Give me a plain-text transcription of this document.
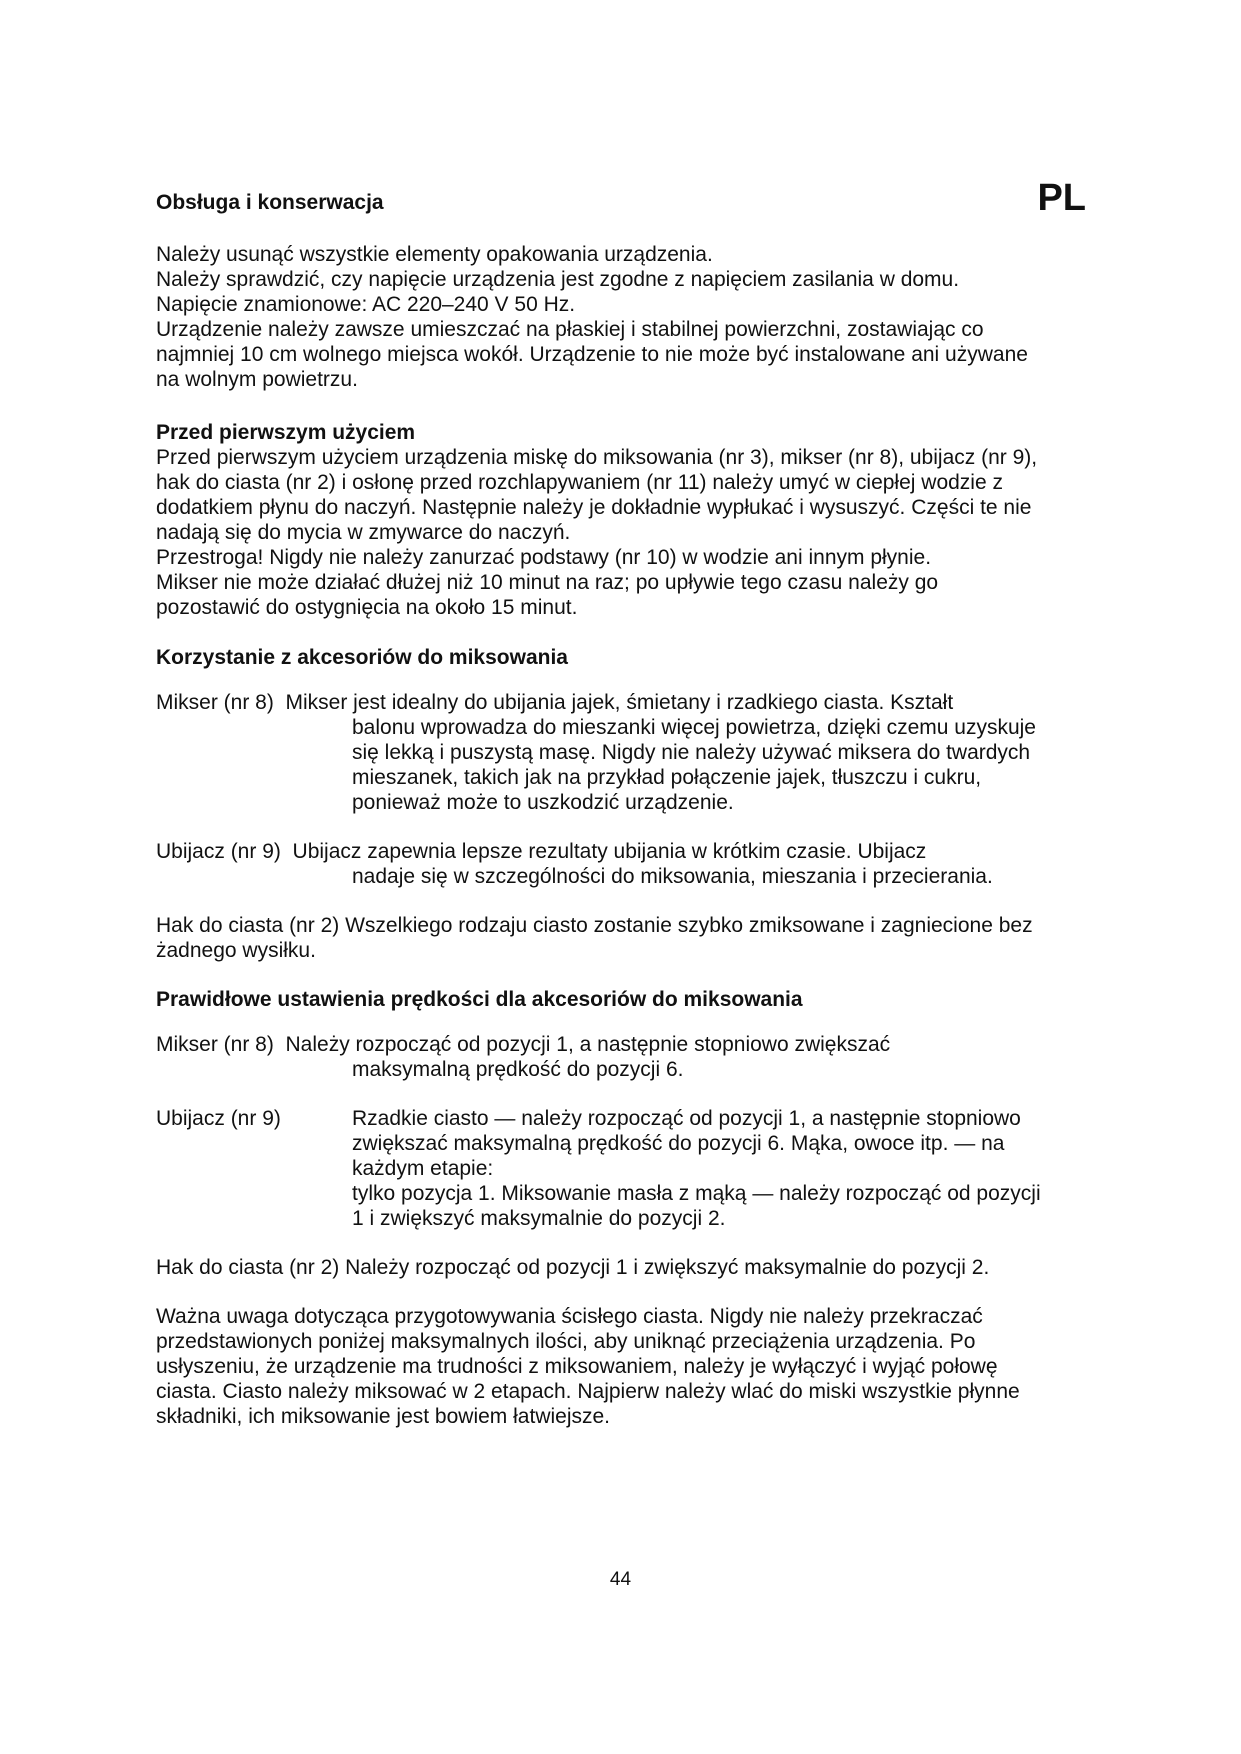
Obsługa i konserwacja	PL

Należy usunąć wszystkie elementy opakowania urządzenia.

Należy sprawdzić, czy napięcie urządzenia jest zgodne z napięciem zasilania w domu.

Napięcie znamionowe: AC 220–240 V 50 Hz.

Urządzenie należy zawsze umieszczać na płaskiej i stabilnej powierzchni, zostawiając co

najmniej 10 cm wolnego miejsca wokół. Urządzenie to nie może być instalowane ani używane

na wolnym powietrzu.

Przed pierwszym użyciem

Przed pierwszym użyciem urządzenia miskę do miksowania (nr 3), mikser (nr 8), ubijacz (nr 9),

hak do ciasta (nr 2) i osłonę przed rozchlapywaniem (nr 11) należy umyć w ciepłej wodzie z

dodatkiem płynu do naczyń. Następnie należy je dokładnie wypłukać i wysuszyć. Części te nie

nadają się do mycia w zmywarce do naczyń.

Przestroga! Nigdy nie należy zanurzać podstawy (nr 10) w wodzie ani innym płynie.

Mikser nie może działać dłużej niż 10 minut na raz; po upływie tego czasu należy go

pozostawić do ostygnięcia na około 15 minut.

Korzystanie z akcesoriów do miksowania

Mikser (nr 8) Mikser jest idealny do ubijania jajek, śmietany i rzadkiego ciasta. Kształt

balonu wprowadza do mieszanki więcej powietrza, dzięki czemu uzyskuje

się lekką i puszystą masę. Nigdy nie należy używać miksera do twardych

mieszanek, takich jak na przykład połączenie jajek, tłuszczu i cukru,

ponieważ może to uszkodzić urządzenie.

Ubijacz (nr 9) Ubijacz zapewnia lepsze rezultaty ubijania w krótkim czasie. Ubijacz

nadaje się w szczególności do miksowania, mieszania i przecierania.

Hak do ciasta (nr 2) Wszelkiego rodzaju ciasto zostanie szybko zmiksowane i zagniecione bez

żadnego wysiłku.

Prawidłowe ustawienia prędkości dla akcesoriów do miksowania

Mikser (nr 8) Należy rozpocząć od pozycji 1, a następnie stopniowo zwiększać

maksymalną prędkość do pozycji 6.

Ubijacz (nr 9)	Rzadkie ciasto — należy rozpocząć od pozycji 1, a następnie stopniowo

zwiększać maksymalną prędkość do pozycji 6. Mąka, owoce itp. — na

każdym etapie:

tylko pozycja 1. Miksowanie masła z mąką — należy rozpocząć od pozycji

1 i zwiększyć maksymalnie do pozycji 2.

Hak do ciasta (nr 2) Należy rozpocząć od pozycji 1 i zwiększyć maksymalnie do pozycji 2.

Ważna uwaga dotycząca przygotowywania ścisłego ciasta. Nigdy nie należy przekraczać

przedstawionych poniżej maksymalnych ilości, aby uniknąć przeciążenia urządzenia. Po

usłyszeniu, że urządzenie ma trudności z miksowaniem, należy je wyłączyć i wyjąć połowę

ciasta. Ciasto należy miksować w 2 etapach. Najpierw należy wlać do miski wszystkie płynne

składniki, ich miksowanie jest bowiem łatwiejsze.

44
